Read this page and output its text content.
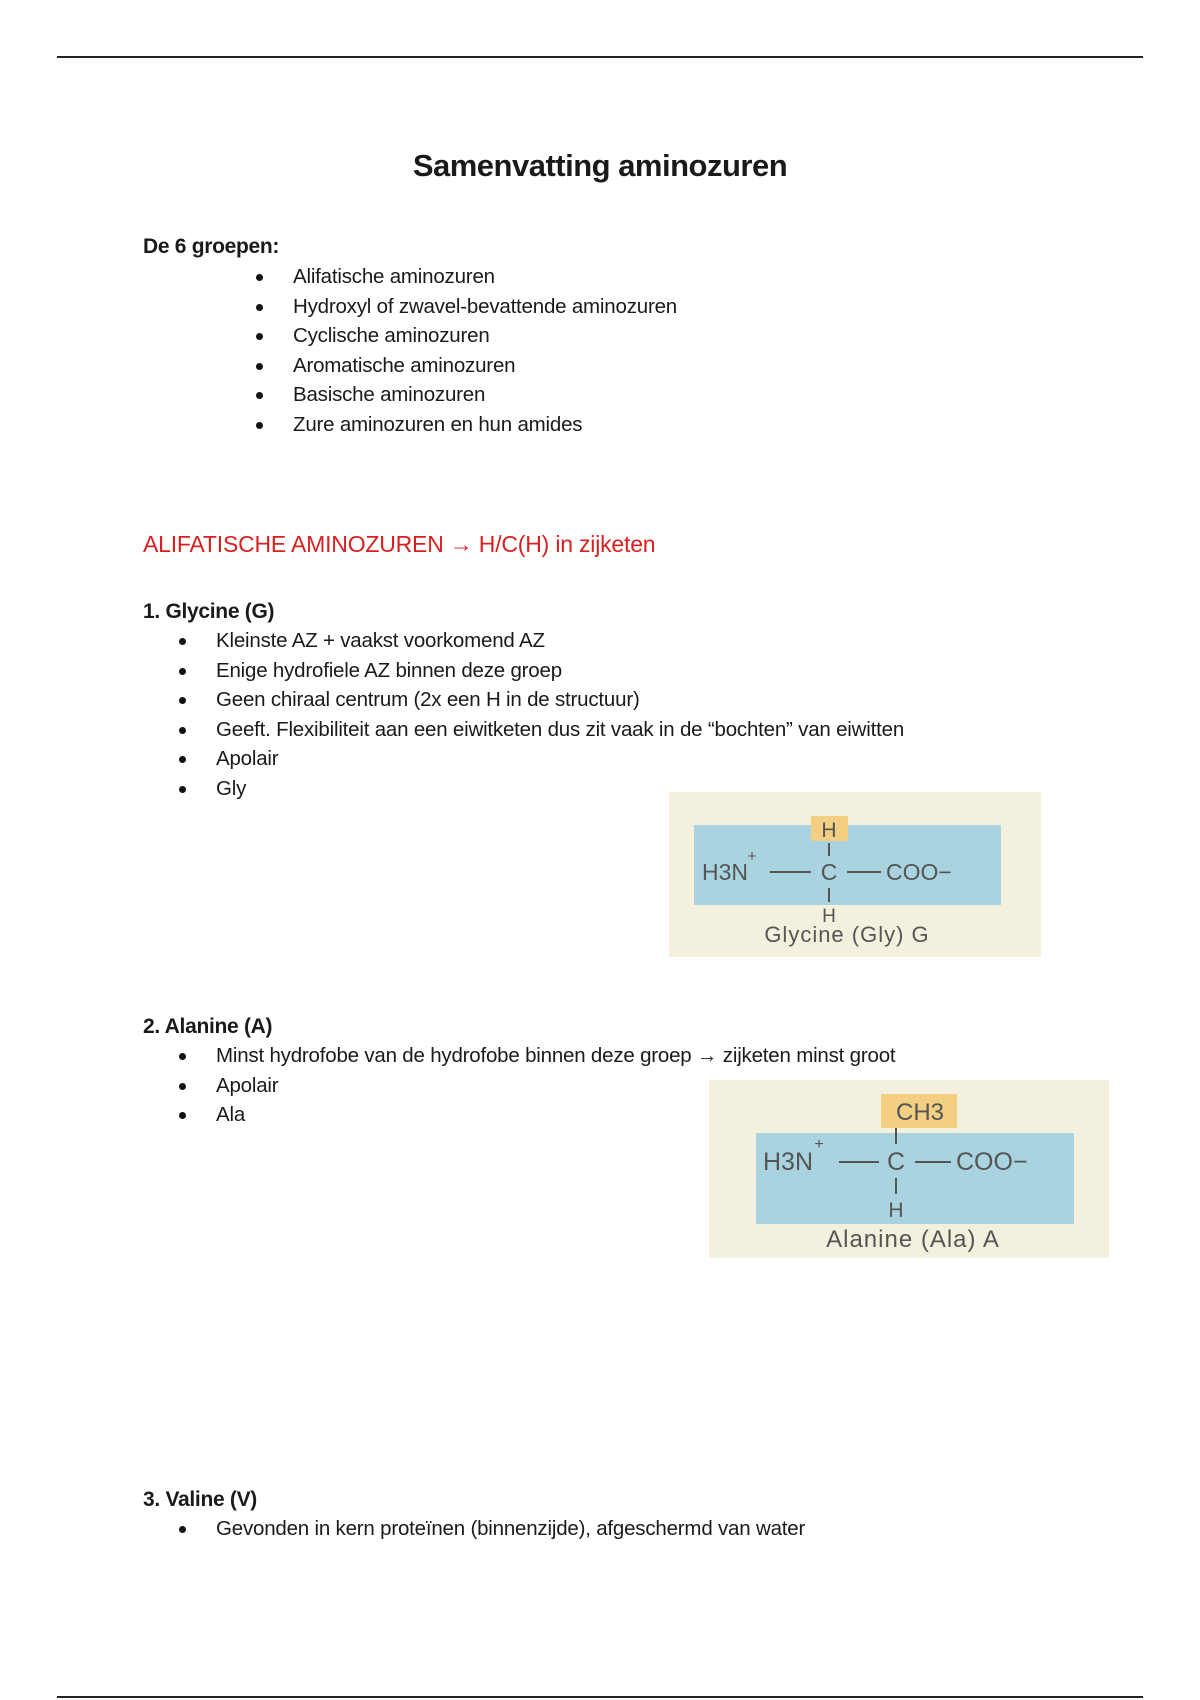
Samenvatting aminozuren
De 6 groepen:
Alifatische aminozuren
Hydroxyl of zwavel-bevattende aminozuren
Cyclische aminozuren
Aromatische aminozuren
Basische aminozuren
Zure aminozuren en hun amides
ALIFATISCHE AMINOZUREN → H/C(H) in zijketen
1. Glycine (G)
Kleinste AZ + vaakst voorkomend AZ
Enige hydrofiele AZ binnen deze groep
Geen chiraal centrum (2x een H in de structuur)
Geeft. Flexibiliteit aan een eiwitketen dus zit vaak in de “bochten” van eiwitten
Apolair
Gly
H
H3N
+
C COO−
H
Glycine (Gly) G
2. Alanine (A)
Minst hydrofobe van de hydrofobe binnen deze groep → zijketen minst groot
Apolair
Ala	CH3
H3N
+
C COO−
H
Alanine (Ala) A
3. Valine (V)
Gevonden in kern proteïnen (binnenzijde), afgeschermd van water
